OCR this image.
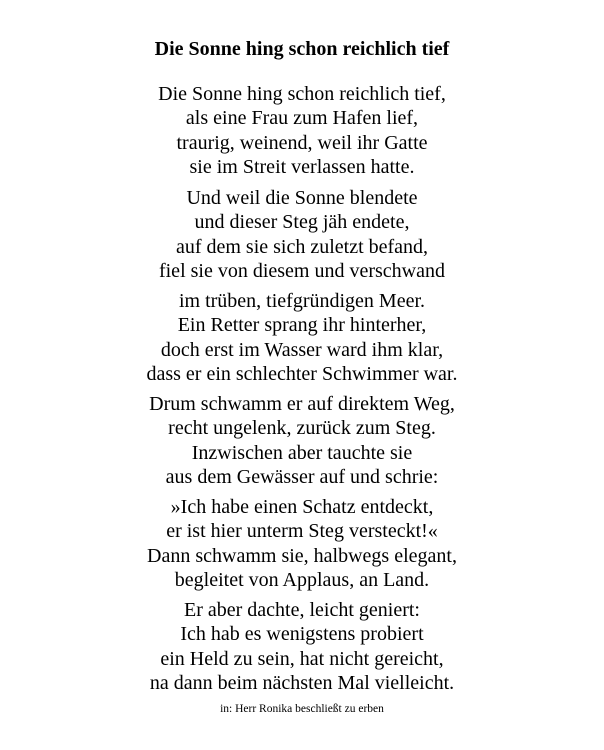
Die Sonne hing schon reichlich tief
Die Sonne hing schon reichlich tief,
als eine Frau zum Hafen lief,
traurig, weinend, weil ihr Gatte
sie im Streit verlassen hatte.
Und weil die Sonne blendete
und dieser Steg jäh endete,
auf dem sie sich zuletzt befand,
fiel sie von diesem und verschwand
im trüben, tiefgründigen Meer.
Ein Retter sprang ihr hinterher,
doch erst im Wasser ward ihm klar,
dass er ein schlechter Schwimmer war.
Drum schwamm er auf direktem Weg,
recht ungelenk, zurück zum Steg.
Inzwischen aber tauchte sie
aus dem Gewässer auf und schrie:
»Ich habe einen Schatz entdeckt,
er ist hier unterm Steg versteckt!«
Dann schwamm sie, halbwegs elegant,
begleitet von Applaus, an Land.
Er aber dachte, leicht geniert:
Ich hab es wenigstens probiert
ein Held zu sein, hat nicht gereicht,
na dann beim nächsten Mal vielleicht.

in: Herr Ronika beschließt zu erben
